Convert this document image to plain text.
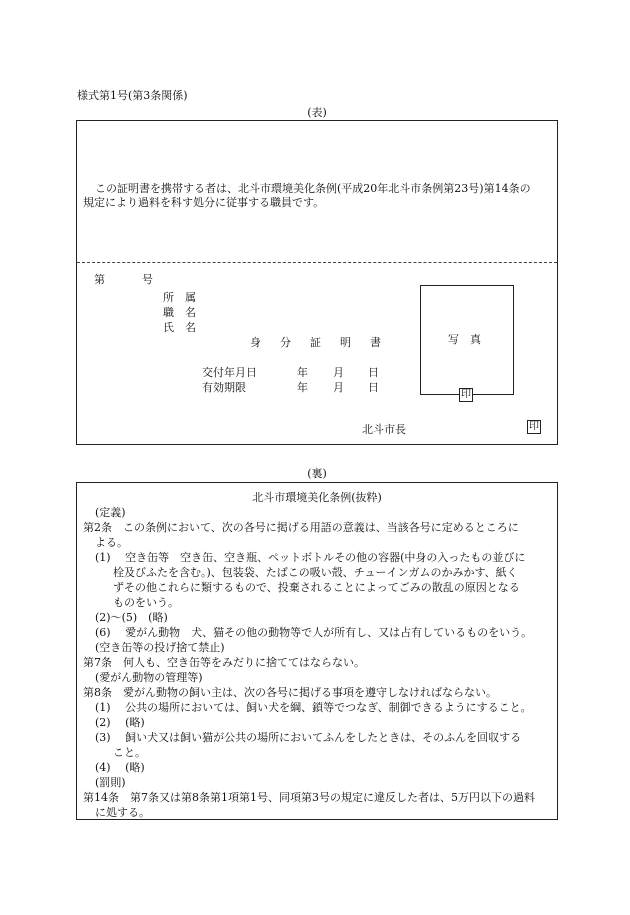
様式第1号(第3条関係)
(表)
この証明書を携帯する者は、北斗市環境美化条例(平成20年北斗市条例第23号)第14条の
規定により過料を科す処分に従事する職員です。
第	号
所　属
職　名
氏　名
身　分　証　明　書
交付年月日	年 月 日
有効期限	年 月 日
写　真
印
北斗市長	印
(裏)
北斗市環境美化条例(抜粋)
(定義)
第2条　この条例において、次の各号に掲げる用語の意義は、当該各号に定めるところに
よる。
(1)　 空き缶等　空き缶、空き瓶、ペットボトルその他の容器(中身の入ったもの並びに
栓及びふたを含む。)、包装袋、たばこの吸い殻、チューインガムのかみかす、紙く
ずその他これらに類するもので、投棄されることによってごみの散乱の原因となる
ものをいう。
(2)～(5)　(略)
(6)　 愛がん動物　犬、猫その他の動物等で人が所有し、又は占有しているものをいう。
(空き缶等の投げ捨て禁止)
第7条　何人も、空き缶等をみだりに捨ててはならない。
(愛がん動物の管理等)
第8条　愛がん動物の飼い主は、次の各号に掲げる事項を遵守しなければならない。
(1)　 公共の場所においては、飼い犬を綱、鎖等でつなぎ、制御できるようにすること。
(2)　 (略)
(3)　 飼い犬又は飼い猫が公共の場所においてふんをしたときは、そのふんを回収する
こと。
(4)　 (略)
(罰則)
第14条　第7条又は第8条第1項第1号、同項第3号の規定に違反した者は、5万円以下の過料
に処する。
